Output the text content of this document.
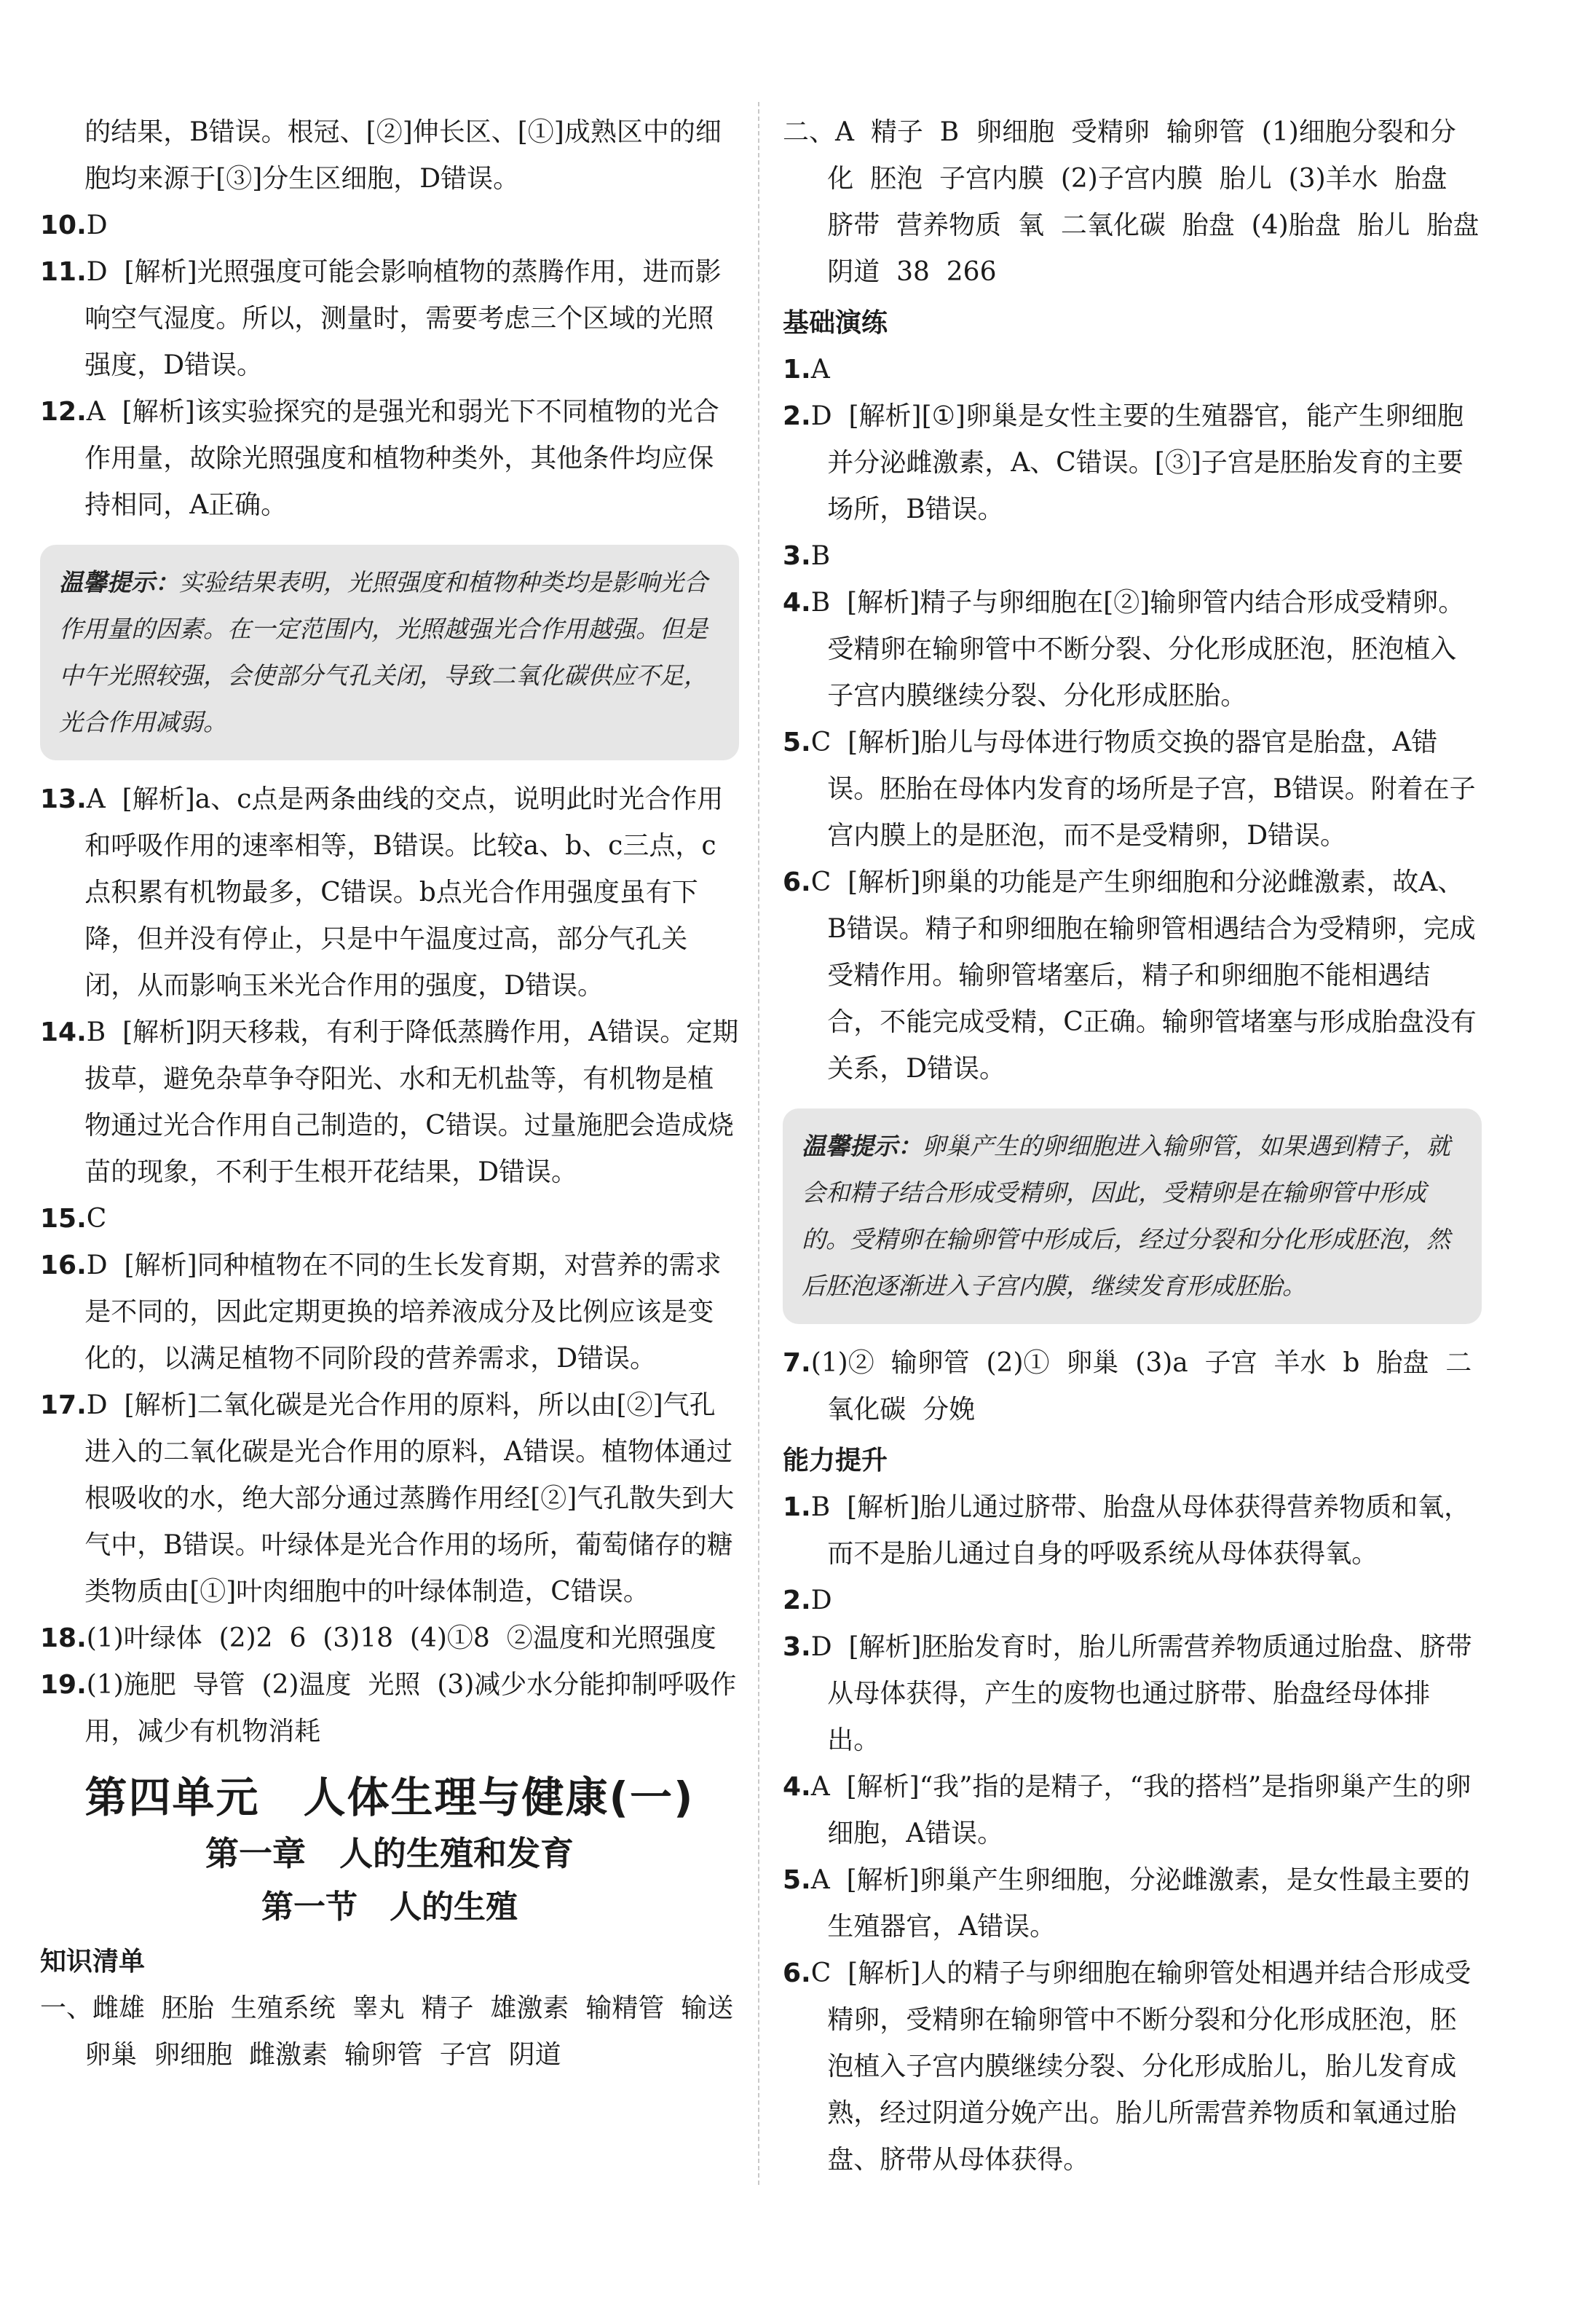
的结果，B错误。根冠、[②]伸长区、[①]成熟区中的细胞均来源于[③]分生区细胞，D错误。

10.D

11.D  [解析]光照强度可能会影响植物的蒸腾作用，进而影响空气湿度。所以，测量时，需要考虑三个区域的光照强度，D错误。

12.A  [解析]该实验探究的是强光和弱光下不同植物的光合作用量，故除光照强度和植物种类外，其他条件均应保持相同，A正确。

温馨提示：实验结果表明，光照强度和植物种类均是影响光合作用量的因素。在一定范围内，光照越强光合作用越强。但是中午光照较强，会使部分气孔关闭，导致二氧化碳供应不足，光合作用减弱。

13.A  [解析]a、c点是两条曲线的交点，说明此时光合作用和呼吸作用的速率相等，B错误。比较a、b、c三点，c点积累有机物最多，C错误。b点光合作用强度虽有下降，但并没有停止，只是中午温度过高，部分气孔关闭，从而影响玉米光合作用的强度，D错误。

14.B  [解析]阴天移栽，有利于降低蒸腾作用，A错误。定期拔草，避免杂草争夺阳光、水和无机盐等，有机物是植物通过光合作用自己制造的，C错误。过量施肥会造成烧苗的现象，不利于生根开花结果，D错误。

15.C

16.D  [解析]同种植物在不同的生长发育期，对营养的需求是不同的，因此定期更换的培养液成分及比例应该是变化的，以满足植物不同阶段的营养需求，D错误。

17.D  [解析]二氧化碳是光合作用的原料，所以由[②]气孔进入的二氧化碳是光合作用的原料，A错误。植物体通过根吸收的水，绝大部分通过蒸腾作用经[②]气孔散失到大气中，B错误。叶绿体是光合作用的场所，葡萄储存的糖类物质由[①]叶肉细胞中的叶绿体制造，C错误。

18.(1)叶绿体  (2)2  6  (3)18  (4)①8  ②温度和光照强度

19.(1)施肥  导管  (2)温度  光照  (3)减少水分能抑制呼吸作用，减少有机物消耗

第四单元　人体生理与健康(一)
第一章　人的生殖和发育
第一节　人的生殖
知识清单

一、雌雄  胚胎  生殖系统  睾丸  精子  雄激素  输精管  输送  卵巢  卵细胞  雌激素  输卵管  子宫  阴道

二、A  精子  B  卵细胞  受精卵  输卵管  (1)细胞分裂和分化  胚泡  子宫内膜  (2)子宫内膜  胎儿  (3)羊水  胎盘  脐带  营养物质  氧  二氧化碳  胎盘  (4)胎盘  胎儿  胎盘  阴道  38  266

基础演练

1.A

2.D  [解析][①]卵巢是女性主要的生殖器官，能产生卵细胞并分泌雌激素，A、C错误。[③]子宫是胚胎发育的主要场所，B错误。

3.B

4.B  [解析]精子与卵细胞在[②]输卵管内结合形成受精卵。受精卵在输卵管中不断分裂、分化形成胚泡，胚泡植入子宫内膜继续分裂、分化形成胚胎。

5.C  [解析]胎儿与母体进行物质交换的器官是胎盘，A错误。胚胎在母体内发育的场所是子宫，B错误。附着在子宫内膜上的是胚泡，而不是受精卵，D错误。

6.C  [解析]卵巢的功能是产生卵细胞和分泌雌激素，故A、B错误。精子和卵细胞在输卵管相遇结合为受精卵，完成受精作用。输卵管堵塞后，精子和卵细胞不能相遇结合，不能完成受精，C正确。输卵管堵塞与形成胎盘没有关系，D错误。

温馨提示：卵巢产生的卵细胞进入输卵管，如果遇到精子，就会和精子结合形成受精卵，因此，受精卵是在输卵管中形成的。受精卵在输卵管中形成后，经过分裂和分化形成胚泡，然后胚泡逐渐进入子宫内膜，继续发育形成胚胎。

7.(1)②  输卵管  (2)①  卵巢  (3)a  子宫  羊水  b  胎盘  二氧化碳  分娩

能力提升

1.B  [解析]胎儿通过脐带、胎盘从母体获得营养物质和氧，而不是胎儿通过自身的呼吸系统从母体获得氧。

2.D

3.D  [解析]胚胎发育时，胎儿所需营养物质通过胎盘、脐带从母体获得，产生的废物也通过脐带、胎盘经母体排出。

4.A  [解析]“我”指的是精子，“我的搭档”是指卵巢产生的卵细胞，A错误。

5.A  [解析]卵巢产生卵细胞，分泌雌激素，是女性最主要的生殖器官，A错误。

6.C  [解析]人的精子与卵细胞在输卵管处相遇并结合形成受精卵，受精卵在输卵管中不断分裂和分化形成胚泡，胚泡植入子宫内膜继续分裂、分化形成胎儿，胎儿发育成熟，经过阴道分娩产出。胎儿所需营养物质和氧通过胎盘、脐带从母体获得。
